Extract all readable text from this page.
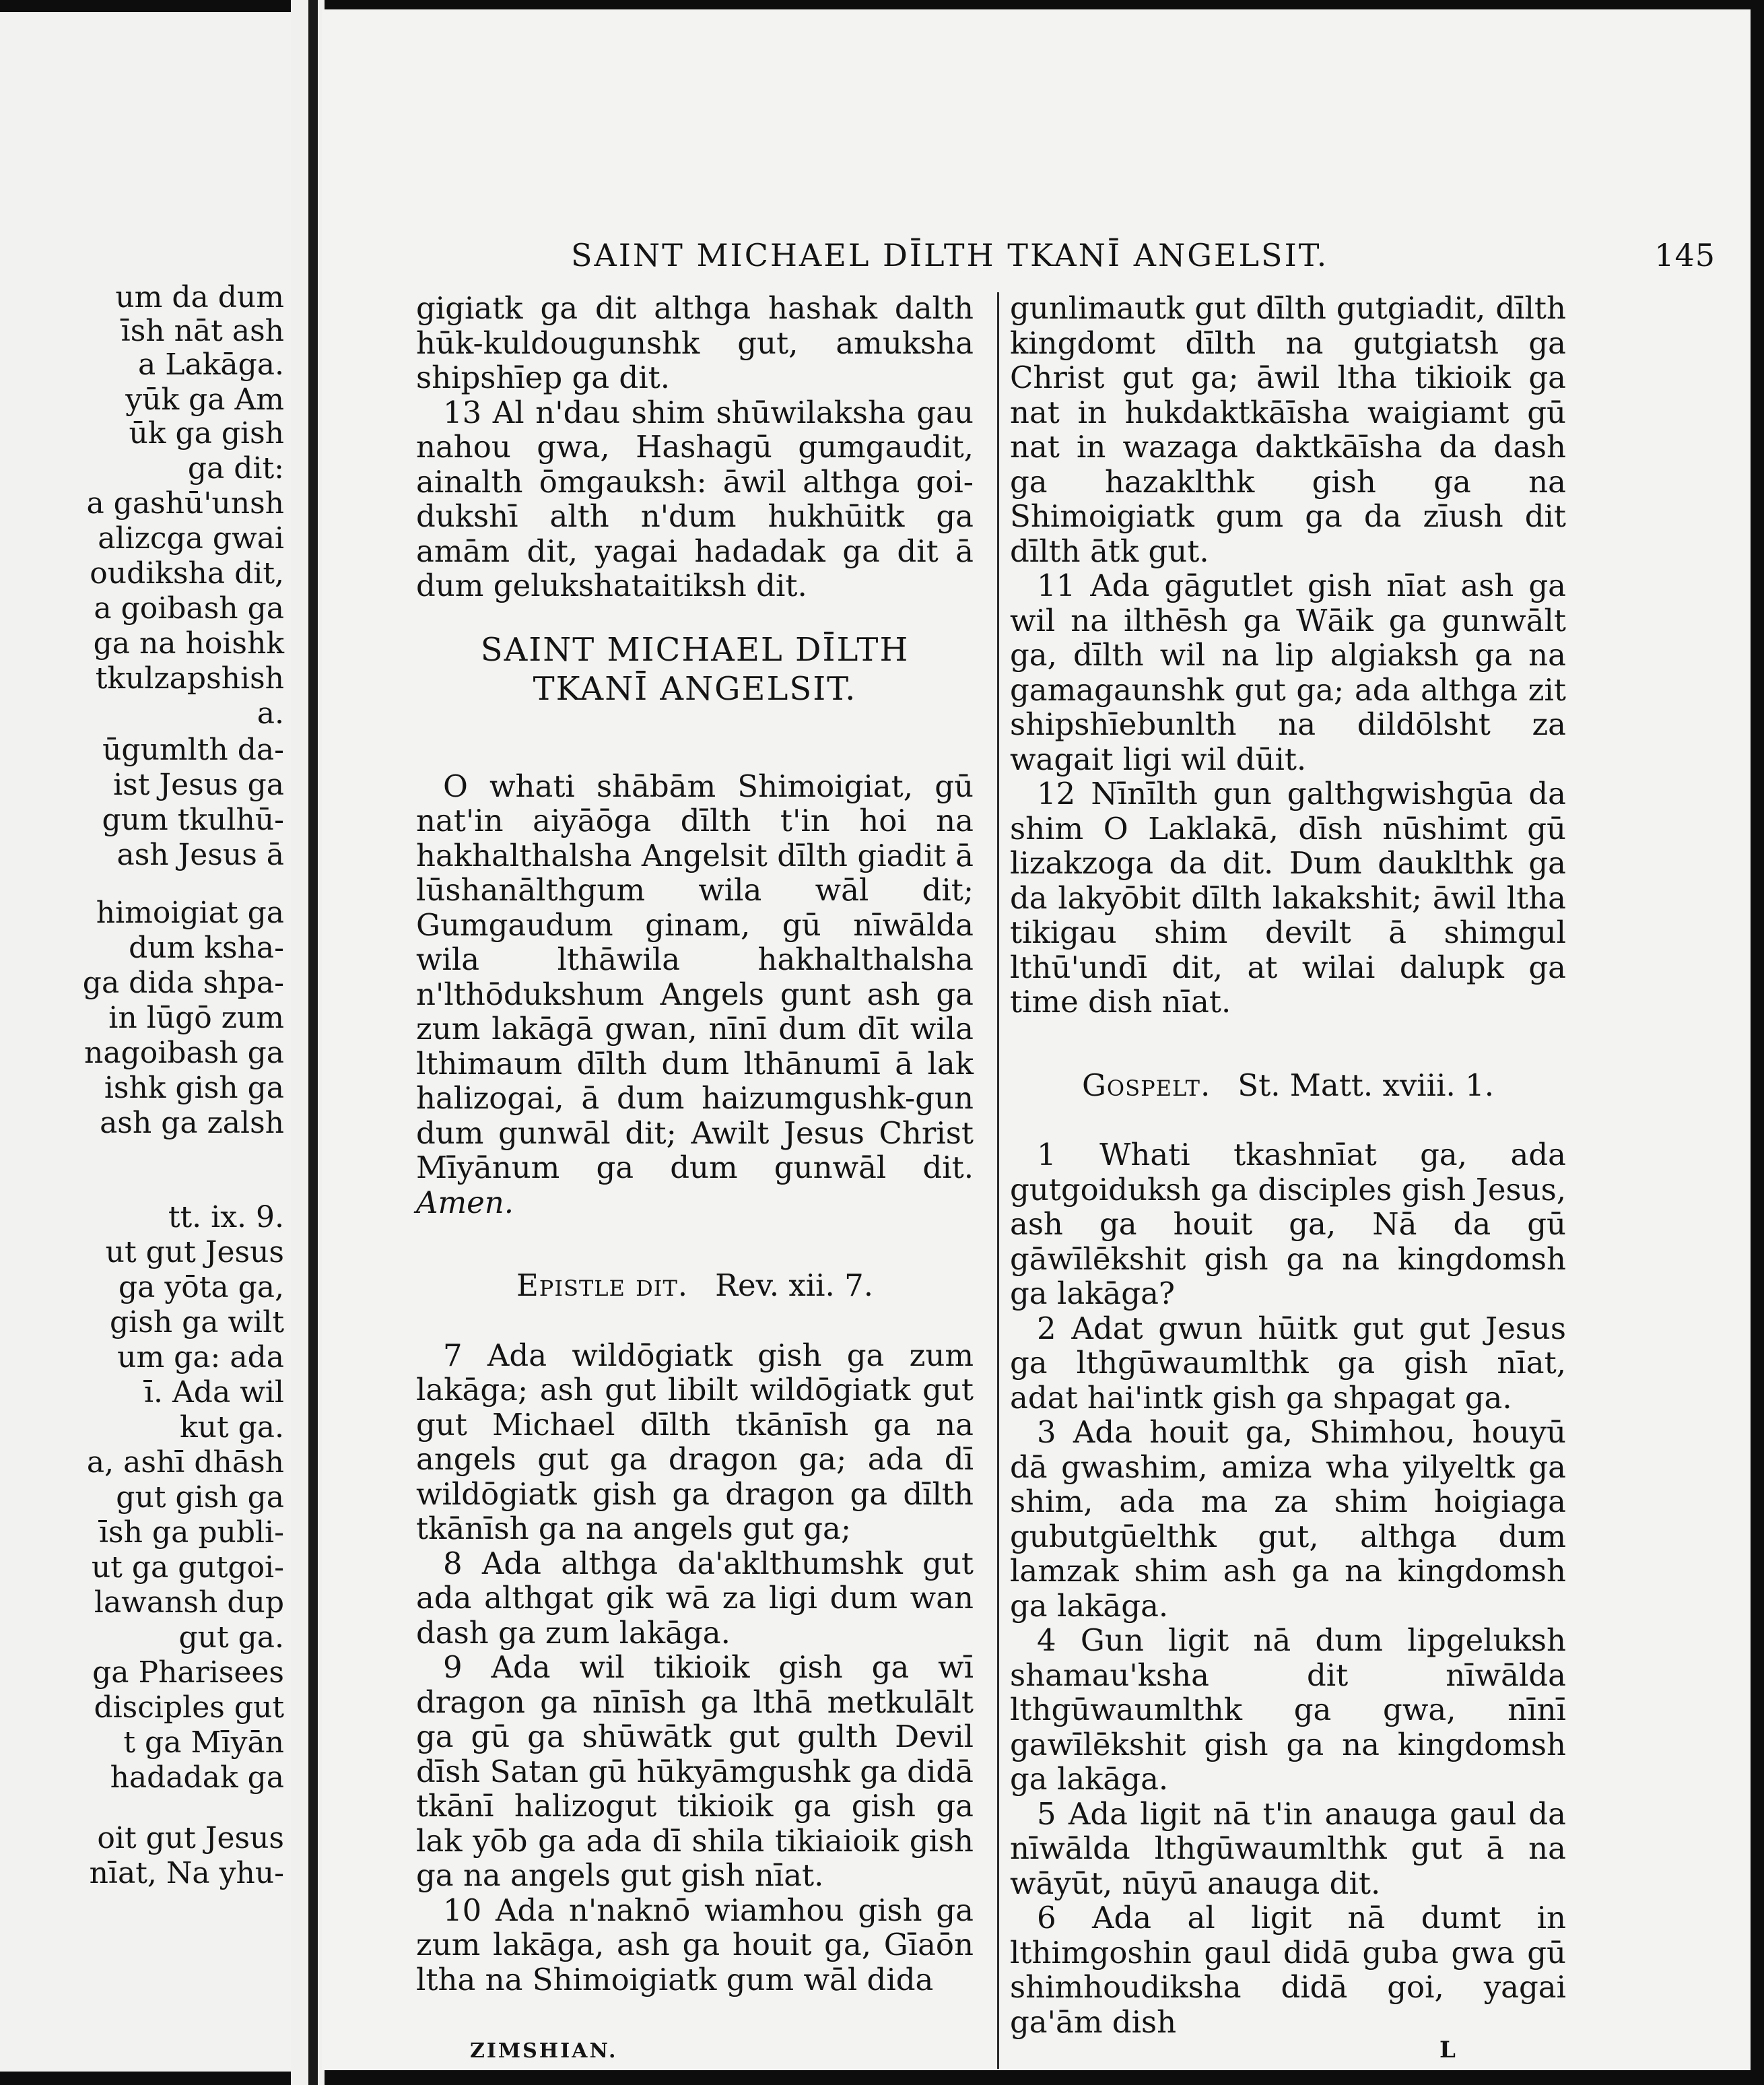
um da dum
īsh nāt ash
a Lakāga.
yūk ga Am
ūk ga gish
ga dit:
a gashū'unsh
alizcga gwai
oudiksha dit,
a goibash ga
ga na hoishk
tkulzapshish
a.
ūgumlth da-
ist Jesus ga
gum tkulhū-
ash Jesus ā
himoigiat ga
dum ksha-
ga dida shpa-
in lūgō zum
nagoibash ga
ishk gish ga
ash ga zalsh
tt. ix. 9.
ut gut Jesus
ga yōta ga,
gish ga wilt
um ga: ada
ī. Ada wil
kut ga.
a, ashī dhāsh
gut gish ga
īsh ga publi-
ut ga gutgoi-
lawansh dup
gut ga.
ga Pharisees
disciples gut
t ga Mīyān
hadadak ga
oit gut Jesus
nīat, Na yhu-
SAINT MICHAEL DĪLTH TKANĪ ANGELSIT.	145

gigiatk ga dit althga hashak dalth hūk-kuldougunshk gut, amuksha shipshīep ga dit.

13 Al n'dau shim shūwilaksha gau nahou gwa, Hashagū gumgaudit, ainalth ōmgauksh: āwil althga goi-dukshī alth n'dum hukhūitk ga amām dit, yagai hadadak ga dit ā dum gelukshataitiksh dit.

SAINT MICHAEL DĪLTH
TKANĪ ANGELSIT.

O whati shābām Shimoigiat, gū nat'in aiyāōga dīlth t'in hoi na hakhalthalsha Angelsit dīlth giadit ā lūshanālthgum wila wāl dit; Gumgaudum ginam, gū nīwālda wila lthāwila hakhalthalsha n'lthōdukshum Angels gunt ash ga zum lakāgā gwan, nīnī dum dīt wila lthimaum dīlth dum lthānumī ā lak halizogai, ā dum haizumgushk-gun dum gunwāl dit; Awilt Jesus Christ Mīyānum ga dum gunwāl dit. Amen.

Epistle dit. Rev. xii. 7.

7 Ada wildōgiatk gish ga zum lakāga; ash gut libilt wildōgiatk gut gut Michael dīlth tkānīsh ga na angels gut ga dragon ga; ada dī wildōgiatk gish ga dragon ga dīlth tkānīsh ga na angels gut ga;

8 Ada althga da'aklthumshk gut ada althgat gik wā za ligi dum wan dash ga zum lakāga.

9 Ada wil tikioik gish ga wī dragon ga nīnīsh ga lthā metkulālt ga gū ga shūwātk gut gulth Devil dīsh Satan gū hūkyāmgushk ga didā tkānī halizogut tikioik ga gish ga lak yōb ga ada dī shila tikiaioik gish ga na angels gut gish nīat.

10 Ada n'naknō wiamhou gish ga zum lakāga, ash ga houit ga, Gīaōn ltha na Shimoigiatk gum wāl dida

gunlimautk gut dīlth gutgiadit, dīlth kingdomt dīlth na gutgiatsh ga Christ gut ga; āwil ltha tikioik ga nat in hukdaktkāīsha waigiamt gū nat in wazaga daktkāīsha da dash ga hazaklthk gish ga na Shimoigiatk gum ga da zīush dit dīlth ātk gut.

11 Ada gāgutlet gish nīat ash ga wil na ilthēsh ga Wāik ga gunwālt ga, dīlth wil na lip algiaksh ga na gamagaunshk gut ga; ada althga zit shipshīebunlth na dildōlsht za wagait ligi wil dūit.

12 Nīnīlth gun galthgwishgūa da shim O Laklakā, dīsh nūshimt gū lizakzoga da dit. Dum dauklthk ga da lakyōbit dīlth lakakshit; āwil ltha tikigau shim devilt ā shimgul lthū'undī dit, at wilai dalupk ga time dish nīat.

Gospelt. St. Matt. xviii. 1.

1 Whati tkashnīat ga, ada gutgoiduksh ga disciples gish Jesus, ash ga houit ga, Nā da gū gāwīlēkshit gish ga na kingdomsh ga lakāga?

2 Adat gwun hūitk gut gut Jesus ga lthgūwaumlthk ga gish nīat, adat hai'intk gish ga shpagat ga.

3 Ada houit ga, Shimhou, houyū dā gwashim, amiza wha yilyeltk ga shim, ada ma za shim hoigiaga gubutgūelthk gut, althga dum lamzak shim ash ga na kingdomsh ga lakāga.

4 Gun ligit nā dum lipgeluksh shamau'ksha dit nīwālda lthgūwaumlthk ga gwa, nīnī gawīlēkshit gish ga na kingdomsh ga lakāga.

5 Ada ligit nā t'in anauga gaul da nīwālda lthgūwaumlthk gut ā na wāyūt, nūyū anauga dit.

6 Ada al ligit nā dumt in lthimgoshin gaul didā guba gwa gū shimhoudiksha didā goi, yagai ga'ām dish

ZIMSHIAN.	L
